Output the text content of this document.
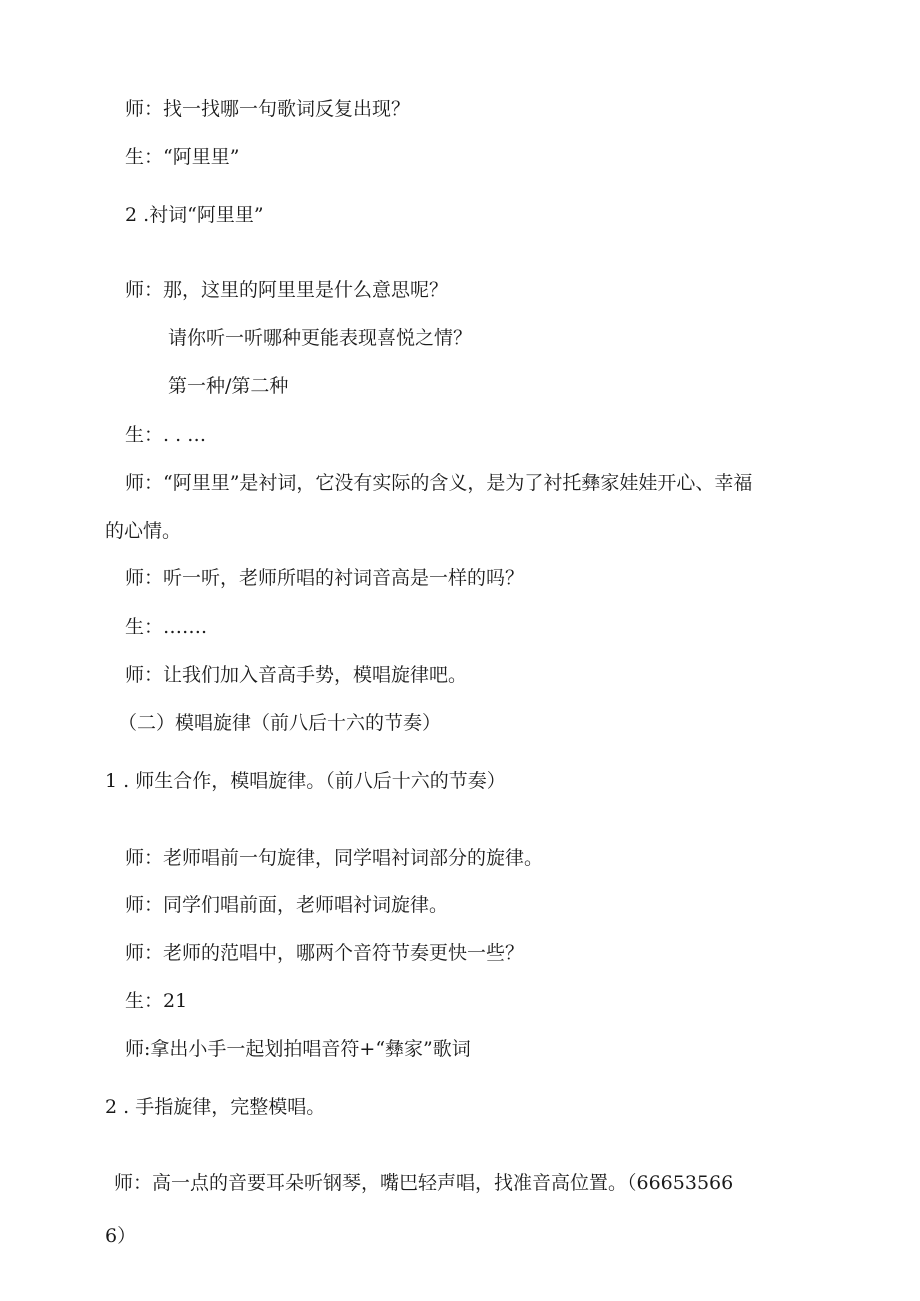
师：找一找哪一句歌词反复出现？
生：“阿里里”
2 .衬词“阿里里”
师：那，这里的阿里里是什么意思呢？
请你听一听哪种更能表现喜悦之情？
第一种/第二种
生：. . …
师：“阿里里”是衬词，它没有实际的含义，是为了衬托彝家娃娃开心、幸福
的心情。
师：听一听，老师所唱的衬词音高是一样的吗？
生：…….
师：让我们加入音高手势，模唱旋律吧。
（二）模唱旋律（前八后十六的节奏）
1 . 师生合作，模唱旋律。（前八后十六的节奏）
师：老师唱前一句旋律，同学唱衬词部分的旋律。
师：同学们唱前面，老师唱衬词旋律。
师：老师的范唱中，哪两个音符节奏更快一些？
生：21
师:拿出小手一起划拍唱音符+“彝家”歌词
2 . 手指旋律，完整模唱。
师：高一点的音要耳朵听钢琴，嘴巴轻声唱，找准音高位置。（66653566
6）
